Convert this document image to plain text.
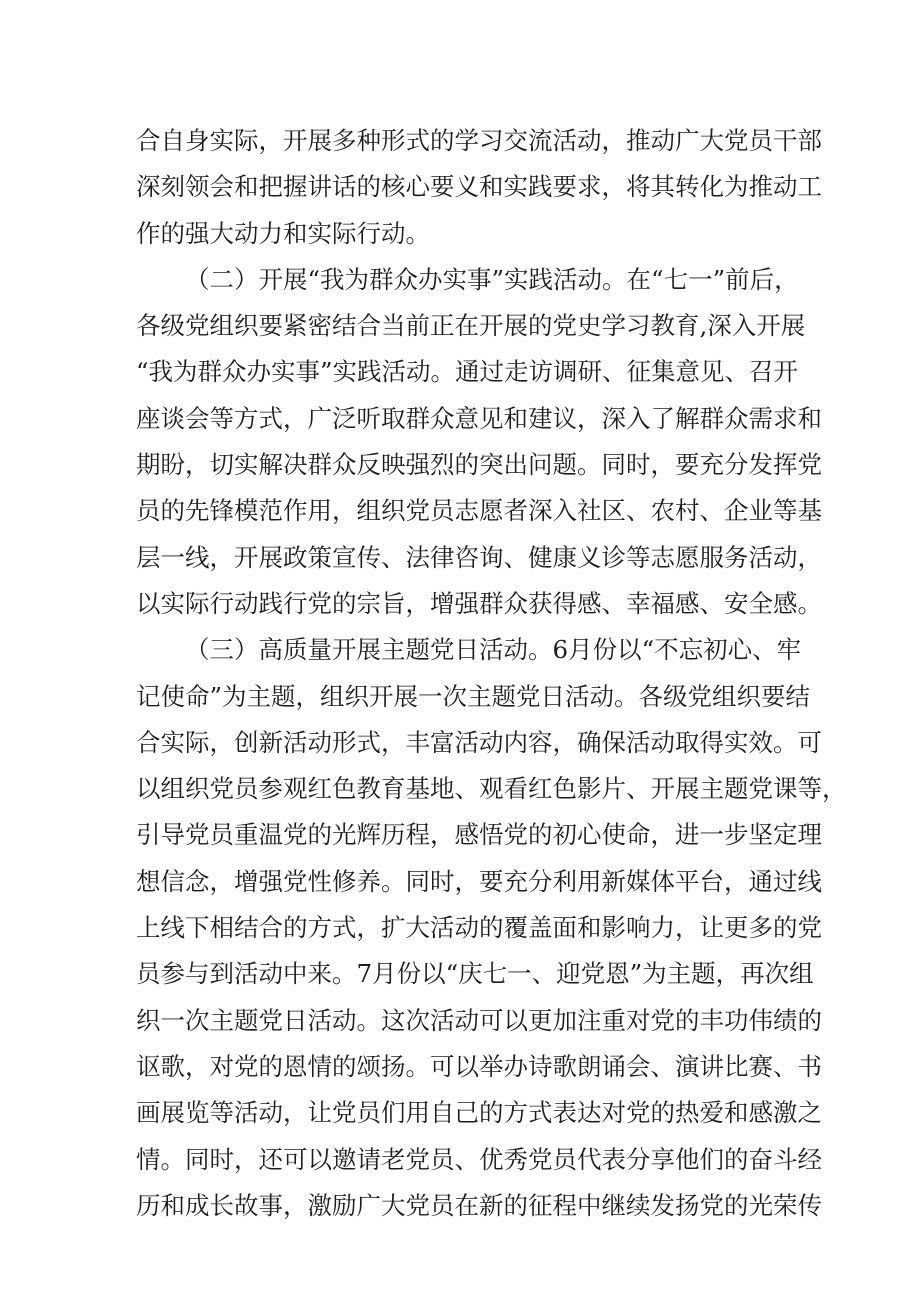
合自身实际，开展多种形式的学习交流活动，推动广大党员干部
深刻领会和把握讲话的核心要义和实践要求，将其转化为推动工
作的强大动力和实际行动。
（二）开展“我为群众办实事”实践活动。在“七一”前后，
各级党组织要紧密结合当前正在开展的党史学习教育,深入开展
“我为群众办实事”实践活动。通过走访调研、征集意见、召开
座谈会等方式，广泛听取群众意见和建议，深入了解群众需求和
期盼，切实解决群众反映强烈的突出问题。同时，要充分发挥党
员的先锋模范作用，组织党员志愿者深入社区、农村、企业等基
层一线，开展政策宣传、法律咨询、健康义诊等志愿服务活动，
以实际行动践行党的宗旨，增强群众获得感、幸福感、安全感。
（三）高质量开展主题党日活动。6月份以“不忘初心、牢
记使命”为主题，组织开展一次主题党日活动。各级党组织要结
合实际，创新活动形式，丰富活动内容，确保活动取得实效。可
以组织党员参观红色教育基地、观看红色影片、开展主题党课等，
引导党员重温党的光辉历程，感悟党的初心使命，进一步坚定理
想信念，增强党性修养。同时，要充分利用新媒体平台，通过线
上线下相结合的方式，扩大活动的覆盖面和影响力，让更多的党
员参与到活动中来。7月份以“庆七一、迎党恩”为主题，再次组
织一次主题党日活动。这次活动可以更加注重对党的丰功伟绩的
讴歌，对党的恩情的颂扬。可以举办诗歌朗诵会、演讲比赛、书
画展览等活动，让党员们用自己的方式表达对党的热爱和感激之
情。同时，还可以邀请老党员、优秀党员代表分享他们的奋斗经
历和成长故事，激励广大党员在新的征程中继续发扬党的光荣传
